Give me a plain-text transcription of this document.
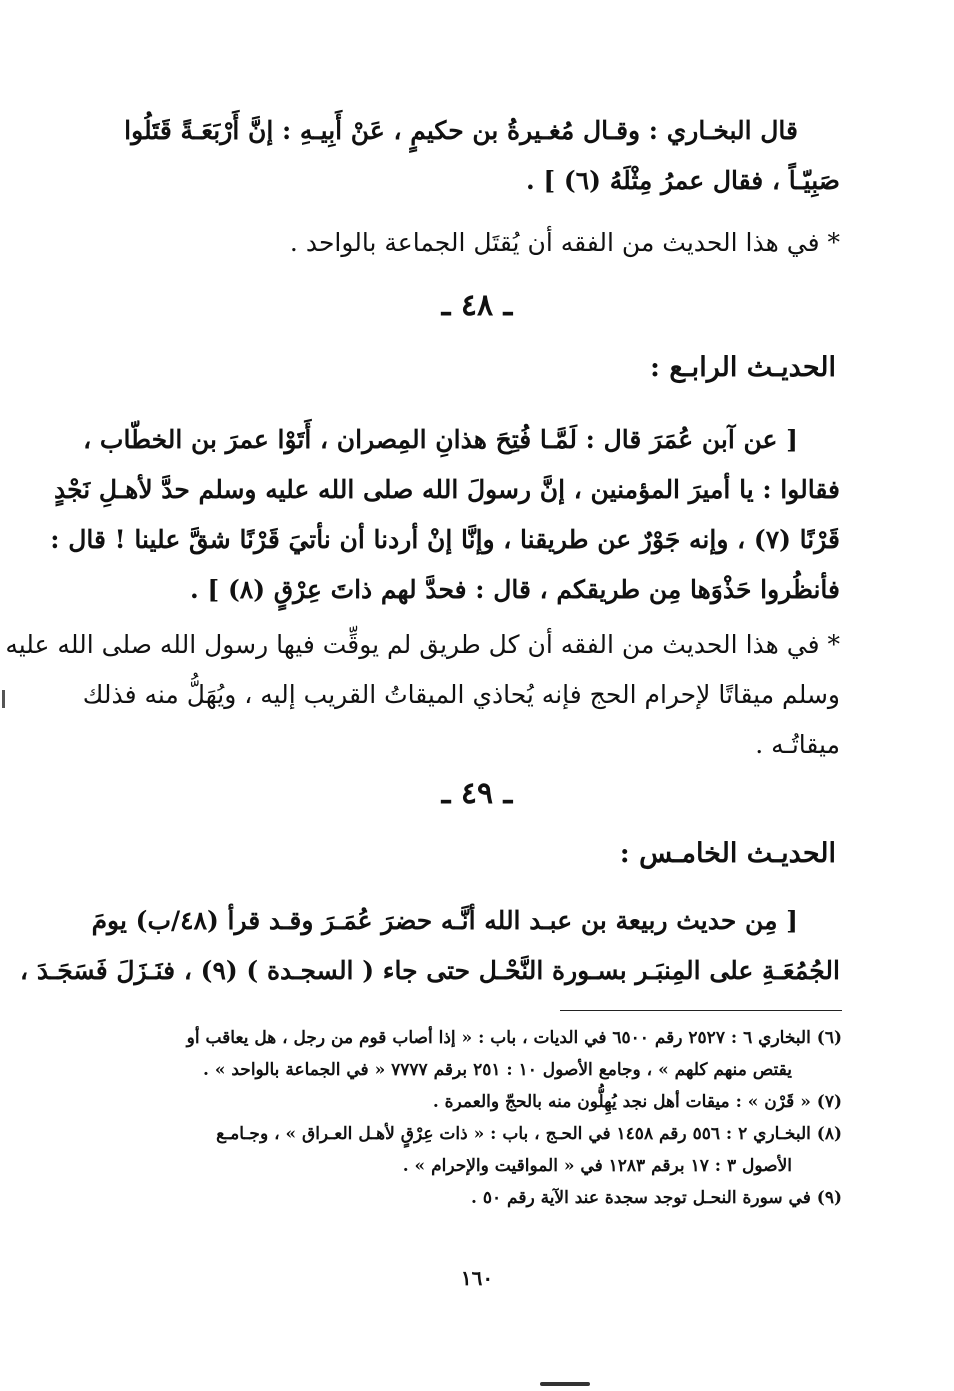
قال البخـاري : وقـال مُغـيرةُ بن حكيمٍ ، عَنْ أَبِيـهِ : إنَّ أَرْبَعَـةً قَتَلُوا
صَبِيّـاً ، فقال عمرُ مِثْلَهُ (٦) ] .
* في هذا الحديث من الفقه أن يُقتَل الجماعة بالواحد .
ـ ٤٨ ـ
الحديـث الرابـع :
[ عن آبن عُمَرَ قال : لَمَّـا فُتِحَ هذانِ المِصران ، أَتَوْا عمرَ بن الخطّاب ،
فقالوا : يا أميرَ المؤمنين ، إنَّ رسولَ الله صلى الله عليه وسلم حدَّ لأهـلِ نَجْدٍ
قَرْنًا (٧) ، وإنه جَوْرٌ عن طريقنا ، وإنَّا إنْ أردنا أن نأتيَ قَرْنًا شقَّ علينا ! قال :
فأنظُروا حَذْوَها مِن طريقكم ، قال : فحدَّ لهم ذاتَ عِرْقٍ (٨) ] .
* في هذا الحديث من الفقه أن كل طريق لم يوقِّت فيها رسول الله صلى الله عليه
وسلم ميقاتًا لإحرام الحج فإنه يُحاذي الميقاتُ القريب إليه ، ويُهَلُّ منه فذلك
ميقاتُـه .
ـ ٤٩ ـ
الحديـث الخامـس :
[ مِن حديث ربيعة بن عبـد الله أنَّـه حضرَ عُمَـرَ وقـد قرأ (٤٨/ب) يومَ
الجُمُعَـةِ على المِنبَـر بسـورة النَّحْـل حتى جاء ( السجـدة ) (٩) ، فنَـزَلَ فَسَجَـدَ ،
(٦) البخاري ٦ : ٢٥٢٧ رقم ٦٥٠٠ في الديات ، باب : « إذا أصاب قوم من رجل ، هل يعاقب أو
يقتص منهم كلهم » ، وجامع الأصول ١٠ : ٢٥١ برقم ٧٧٧٧ « في الجماعة بالواحد » .
(٧) « قَرْن » : ميقات أهل نجد يُهِلُّون منه بالحجّ والعمرة .
(٨) البخـاري ٢ : ٥٥٦ رقم ١٤٥٨ في الحـج ، باب : « ذات عِرْقٍ لأهـل العـراق » ، وجـامـع
الأصول ٣ : ١٧ برقم ١٢٨٣ في « المواقيت والإحرام » .
(٩) في سورة النحـل توجد سجدة عند الآية رقم ٥٠ .
١٦٠
